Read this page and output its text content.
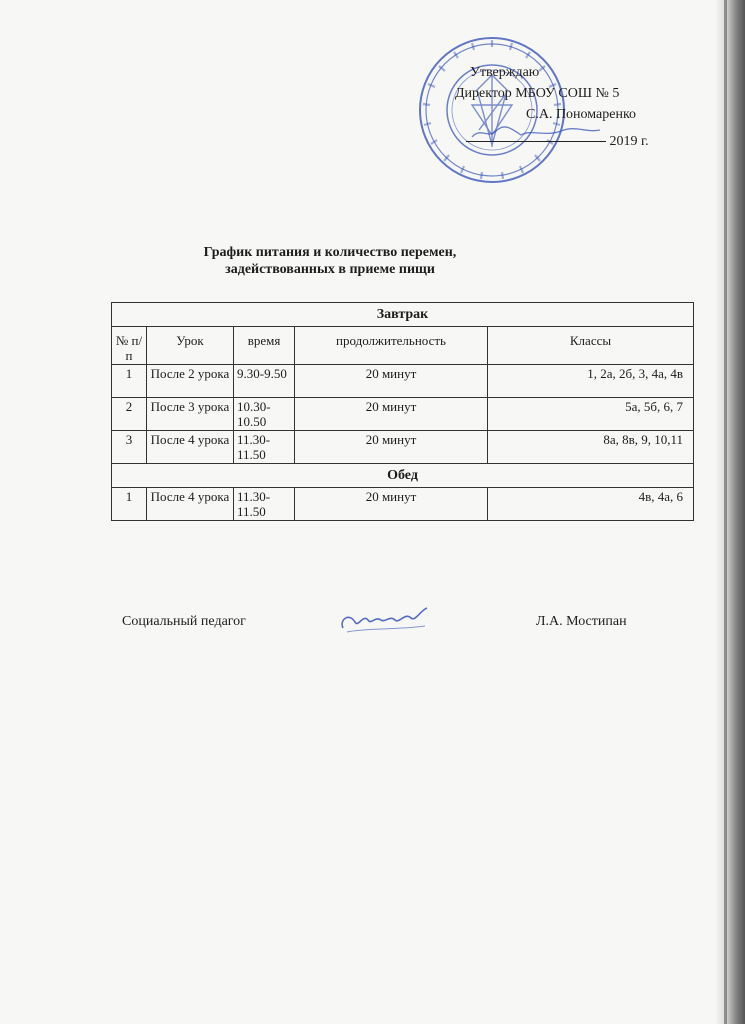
Утверждаю
Директор МБОУ СОШ № 5
С.А. Пономаренко
2019 г.
График питания и количество перемен,
задействованных в приеме пищи
Завтрак				
№ п/п	Урок	время	продолжительность	Классы
1	После 2 урока	9.30-9.50	20 минут	1, 2а, 2б, 3, 4а, 4в
2	После 3 урока	10.30-10.50	20 минут	5а, 5б, 6, 7
3	После 4 урока	11.30-11.50	20 минут	8а, 8в, 9, 10,11
Обед				
1	После 4 урока	11.30-11.50	20 минут	4в, 4а, 6
Социальный педагог	Л.А. Мостипан
